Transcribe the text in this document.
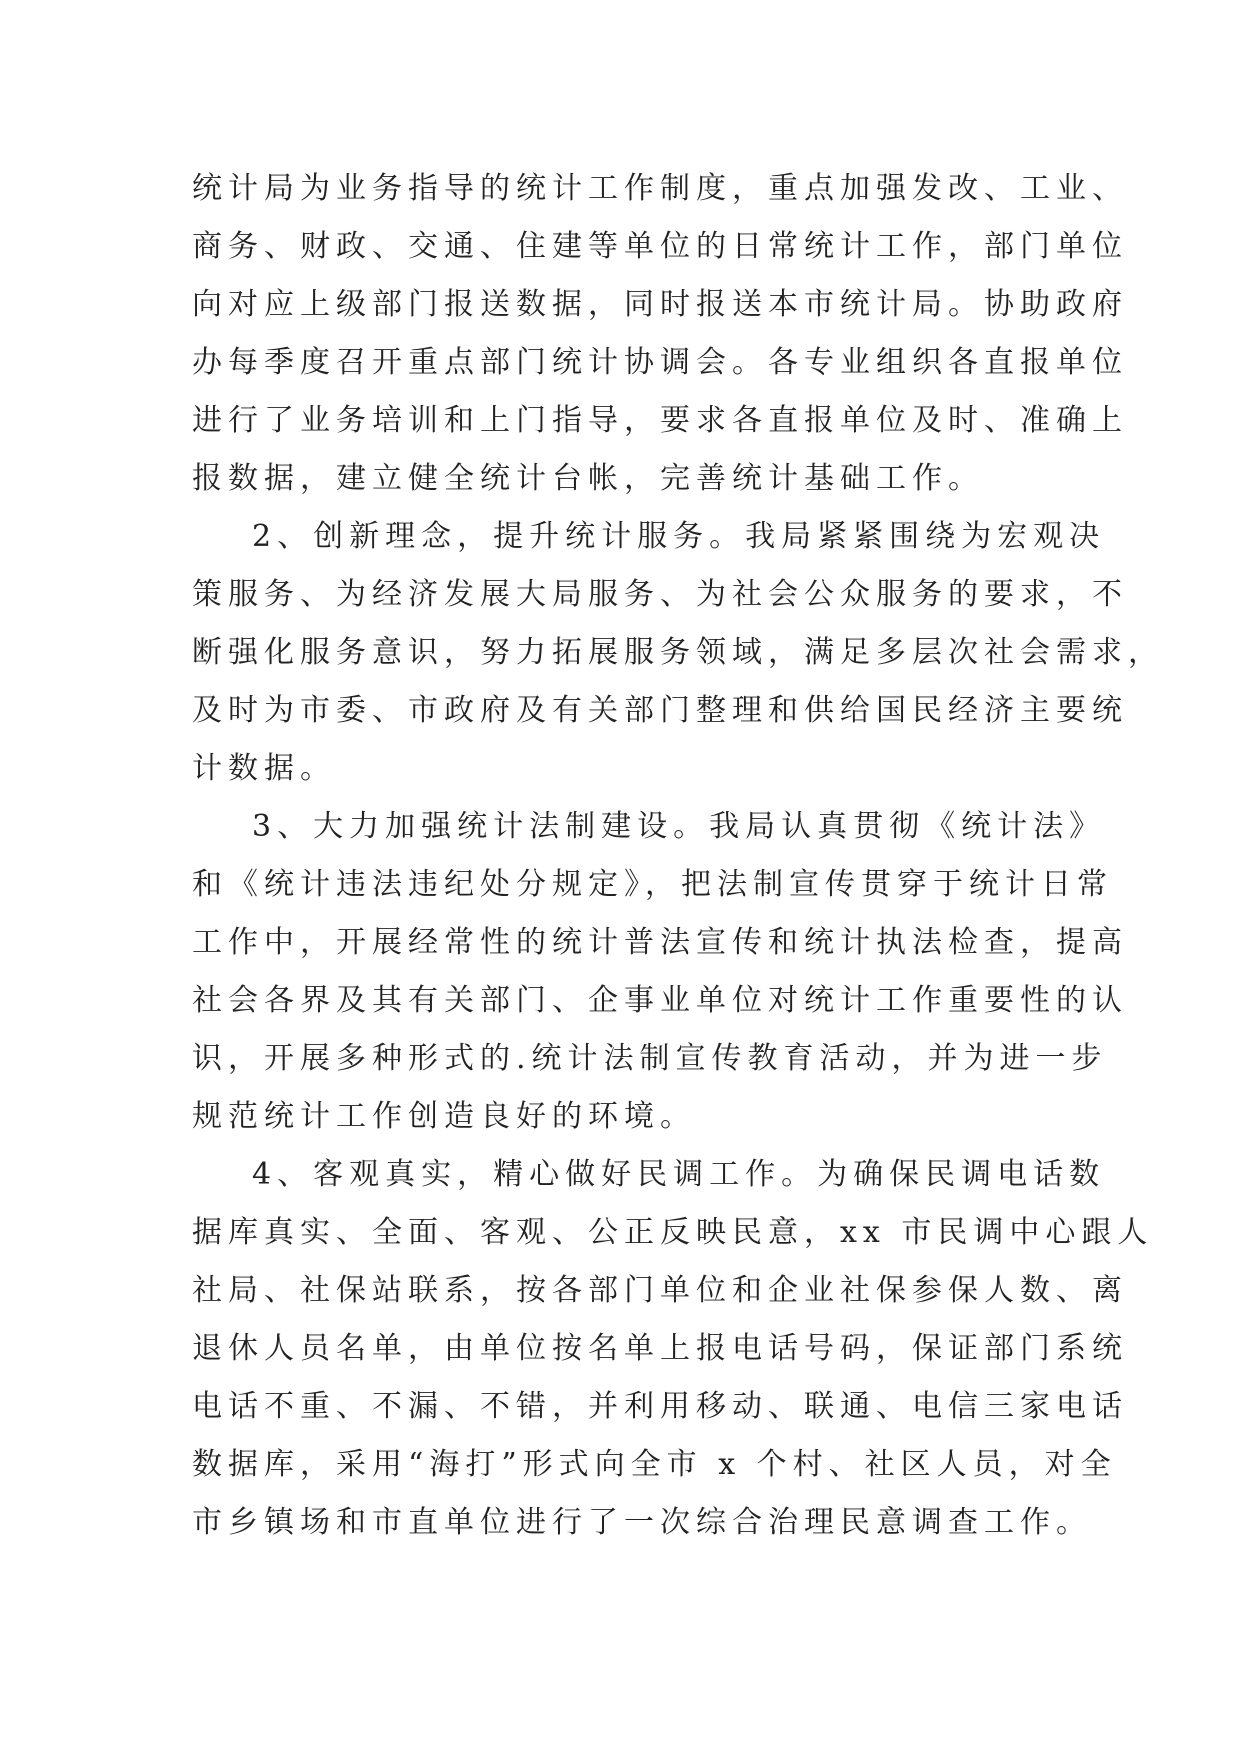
统计局为业务指导的统计工作制度，重点加强发改、工业、
商务、财政、交通、住建等单位的日常统计工作，部门单位
向对应上级部门报送数据，同时报送本市统计局。协助政府
办每季度召开重点部门统计协调会。各专业组织各直报单位
进行了业务培训和上门指导，要求各直报单位及时、准确上
报数据，建立健全统计台帐，完善统计基础工作。
2、创新理念，提升统计服务。我局紧紧围绕为宏观决
策服务、为经济发展大局服务、为社会公众服务的要求，不
断强化服务意识，努力拓展服务领域，满足多层次社会需求，
及时为市委、市政府及有关部门整理和供给国民经济主要统
计数据。
3、大力加强统计法制建设。我局认真贯彻《统计法》
和《统计违法违纪处分规定》，把法制宣传贯穿于统计日常
工作中，开展经常性的统计普法宣传和统计执法检查，提高
社会各界及其有关部门、企事业单位对统计工作重要性的认
识，开展多种形式的.统计法制宣传教育活动，并为进一步
规范统计工作创造良好的环境。
4、客观真实，精心做好民调工作。为确保民调电话数
据库真实、全面、客观、公正反映民意，xx 市民调中心跟人
社局、社保站联系，按各部门单位和企业社保参保人数、离
退休人员名单，由单位按名单上报电话号码，保证部门系统
电话不重、不漏、不错，并利用移动、联通、电信三家电话
数据库，采用“海打”形式向全市 x 个村、社区人员，对全
市乡镇场和市直单位进行了一次综合治理民意调查工作。
